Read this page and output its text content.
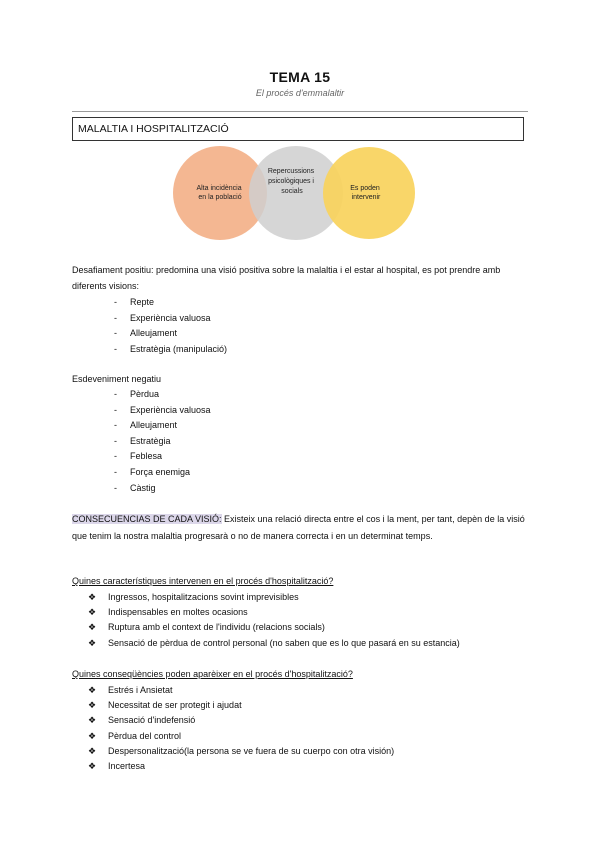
TEMA 15
El procés d'emmalaltir
MALALTIA I HOSPITALITZACIÓ
Alta incidència en la població
Repercussions psicològiques i socials	Es poden intervenir
Desafiament positiu: predomina una visió positiva sobre la malaltia i el estar al hospital, es pot prendre amb diferents visions:
- Repte
- Experiència valuosa
- Alleujament
- Estratègia (manipulació)
Esdeveniment negatiu
- Pèrdua
- Experiència valuosa
- Alleujament
- Estratègia
- Feblesa
- Força enemiga
- Càstig
CONSECUENCIAS DE CADA VISIÓ: Existeix una relació directa entre el cos i la ment, per tant, depèn de la visió que tenim la nostra malaltia progresarà o no de manera correcta i en un determinat temps.
Quines característiques intervenen en el procés d'hospitalització?
❖ Ingressos, hospitalitzacions sovint imprevisibles
❖ Indispensables en moltes ocasions
❖ Ruptura amb el context de l'individu (relacions socials)
❖ Sensació de pèrdua de control personal (no saben que es lo que pasará en su estancia)
Quines conseqüències poden aparèixer en el procés d'hospitalització?
❖ Estrés i Ansietat
❖ Necessitat de ser protegit i ajudat
❖ Sensació d'indefensió
❖ Pèrdua del control
❖ Despersonalització(la persona se ve fuera de su cuerpo con otra visión)
❖ Incertesa
